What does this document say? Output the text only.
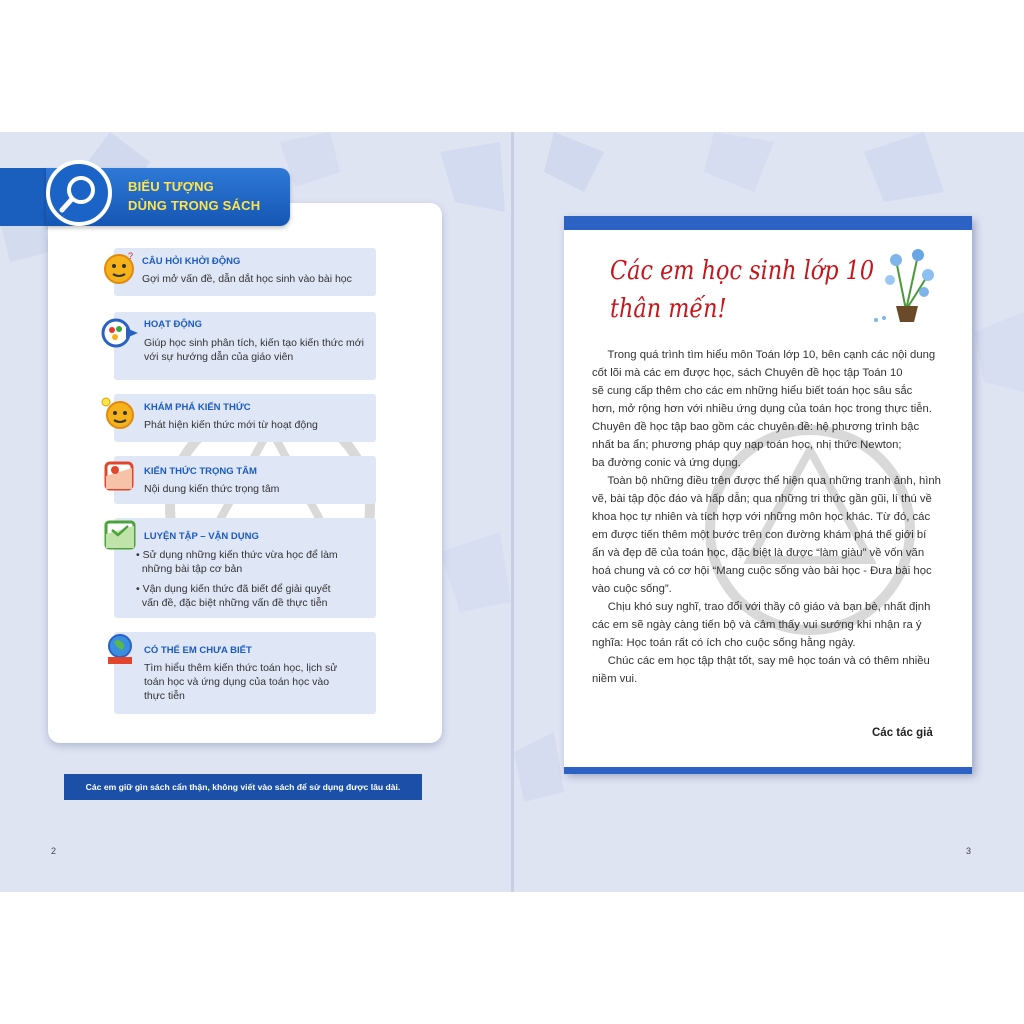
BIỂU TƯỢNG
DÙNG TRONG SÁCH
? CÂU HỎI KHỞI ĐỘNG
Gợi mở vấn đề, dẫn dắt học sinh vào bài học
HOẠT ĐỘNG
Giúp học sinh phân tích, kiến tạo kiến thức mới
với sự hướng dẫn của giáo viên
KHÁM PHÁ KIẾN THỨC
Phát hiện kiến thức mới từ hoạt động
KIẾN THỨC TRỌNG TÂM
Nội dung kiến thức trọng tâm
LUYỆN TẬP – VẬN DỤNG
• Sử dụng những kiến thức vừa học để làm
những bài tập cơ bản
• Vận dụng kiến thức đã biết để giải quyết
vấn đề, đặc biệt những vấn đề thực tiễn
CÓ THỂ EM CHƯA BIẾT
Tìm hiểu thêm kiến thức toán học, lịch sử
toán học và ứng dụng của toán học vào
thực tiễn
Các em giữ gìn sách cẩn thận, không viết vào sách để sử dụng được lâu dài.
2
Các em học sinh lớp 10
thân mến!
Trong quá trình tìm hiểu môn Toán lớp 10, bên cạnh các nội dung
cốt lõi mà các em được học, sách Chuyên đề học tập Toán 10
sẽ cung cấp thêm cho các em những hiểu biết toán học sâu sắc
hơn, mở rộng hơn với nhiều ứng dụng của toán học trong thực tiễn.
Chuyên đề học tập bao gồm các chuyên đề: hệ phương trình bậc
nhất ba ẩn; phương pháp quy nạp toán học, nhị thức Newton;
ba đường conic và ứng dụng.
Toàn bộ những điều trên được thể hiện qua những tranh ảnh, hình
vẽ, bài tập độc đáo và hấp dẫn; qua những tri thức gần gũi, lí thú về
khoa học tự nhiên và tích hợp với những môn học khác. Từ đó, các
em được tiến thêm một bước trên con đường khám phá thế giới bí
ẩn và đẹp đẽ của toán học, đặc biệt là được “làm giàu” về vốn văn
hoá chung và có cơ hội “Mang cuộc sống vào bài học - Đưa bài học
vào cuộc sống”.
Chịu khó suy nghĩ, trao đổi với thầy cô giáo và bạn bè, nhất định
các em sẽ ngày càng tiến bộ và cảm thấy vui sướng khi nhận ra ý
nghĩa: Học toán rất có ích cho cuộc sống hằng ngày.
Chúc các em học tập thật tốt, say mê học toán và có thêm nhiều
niềm vui.
Các tác giả
3
